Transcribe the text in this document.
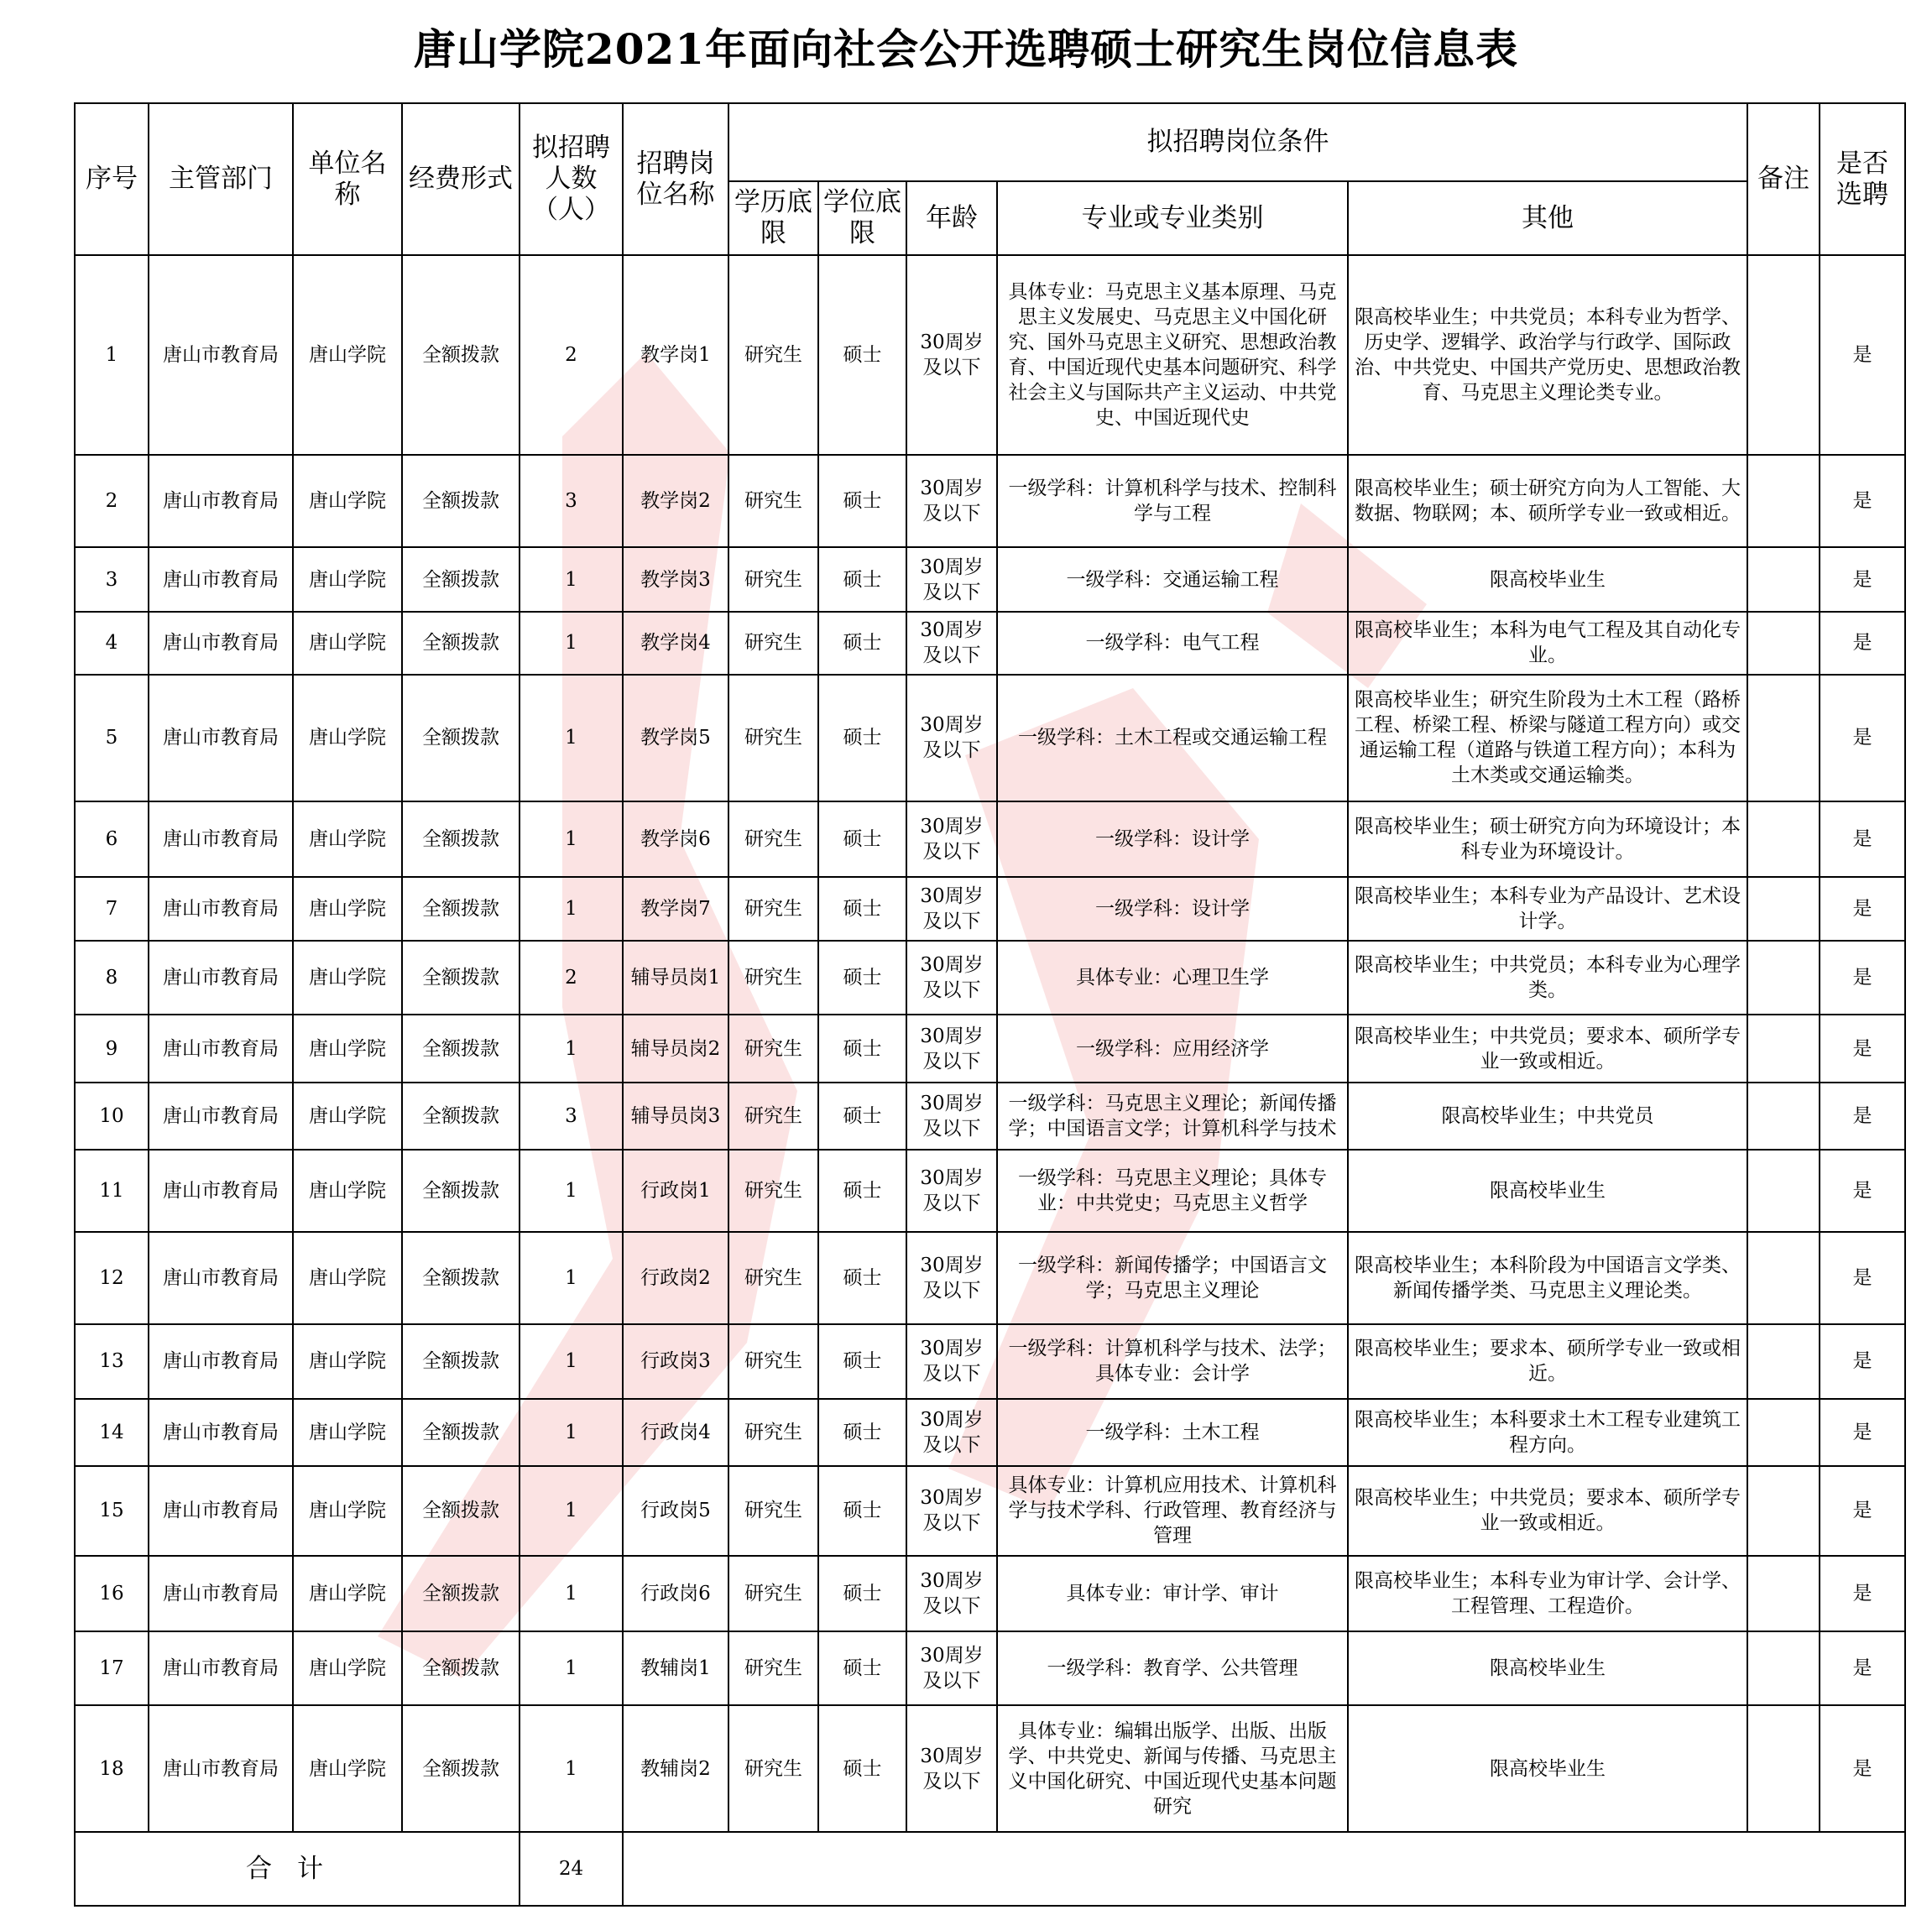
唐山学院2021年面向社会公开选聘硕士研究生岗位信息表
序号	主管部门	单位名称	经费形式	拟招聘人数（人）	招聘岗位名称	拟招聘岗位条件					备注	是否选聘
						学历底限	学位底限	年龄	专业或专业类别	其他		
1	唐山市教育局	唐山学院	全额拨款	2	教学岗1	研究生	硕士	30周岁及以下	具体专业：马克思主义基本原理、马克思主义发展史、马克思主义中国化研究、国外马克思主义研究、思想政治教育、中国近现代史基本问题研究、科学社会主义与国际共产主义运动、中共党史、中国近现代史	限高校毕业生；中共党员；本科专业为哲学、历史学、逻辑学、政治学与行政学、国际政治、中共党史、中国共产党历史、思想政治教育、马克思主义理论类专业。		是
2	唐山市教育局	唐山学院	全额拨款	3	教学岗2	研究生	硕士	30周岁及以下	一级学科：计算机科学与技术、控制科学与工程	限高校毕业生；硕士研究方向为人工智能、大数据、物联网；本、硕所学专业一致或相近。		是
3	唐山市教育局	唐山学院	全额拨款	1	教学岗3	研究生	硕士	30周岁及以下	一级学科：交通运输工程	限高校毕业生		是
4	唐山市教育局	唐山学院	全额拨款	1	教学岗4	研究生	硕士	30周岁及以下	一级学科：电气工程	限高校毕业生；本科为电气工程及其自动化专业。		是
5	唐山市教育局	唐山学院	全额拨款	1	教学岗5	研究生	硕士	30周岁及以下	一级学科：土木工程或交通运输工程	限高校毕业生；研究生阶段为土木工程（路桥工程、桥梁工程、桥梁与隧道工程方向）或交通运输工程（道路与铁道工程方向）；本科为土木类或交通运输类。		是
6	唐山市教育局	唐山学院	全额拨款	1	教学岗6	研究生	硕士	30周岁及以下	一级学科：设计学	限高校毕业生；硕士研究方向为环境设计；本科专业为环境设计。		是
7	唐山市教育局	唐山学院	全额拨款	1	教学岗7	研究生	硕士	30周岁及以下	一级学科：设计学	限高校毕业生；本科专业为产品设计、艺术设计学。		是
8	唐山市教育局	唐山学院	全额拨款	2	辅导员岗1	研究生	硕士	30周岁及以下	具体专业：心理卫生学	限高校毕业生；中共党员；本科专业为心理学类。		是
9	唐山市教育局	唐山学院	全额拨款	1	辅导员岗2	研究生	硕士	30周岁及以下	一级学科：应用经济学	限高校毕业生；中共党员；要求本、硕所学专业一致或相近。		是
10	唐山市教育局	唐山学院	全额拨款	3	辅导员岗3	研究生	硕士	30周岁及以下	一级学科：马克思主义理论；新闻传播学；中国语言文学；计算机科学与技术	限高校毕业生；中共党员		是
11	唐山市教育局	唐山学院	全额拨款	1	行政岗1	研究生	硕士	30周岁及以下	一级学科：马克思主义理论；具体专业：中共党史；马克思主义哲学	限高校毕业生		是
12	唐山市教育局	唐山学院	全额拨款	1	行政岗2	研究生	硕士	30周岁及以下	一级学科：新闻传播学；中国语言文学；马克思主义理论	限高校毕业生；本科阶段为中国语言文学类、新闻传播学类、马克思主义理论类。		是
13	唐山市教育局	唐山学院	全额拨款	1	行政岗3	研究生	硕士	30周岁及以下	一级学科：计算机科学与技术、法学；具体专业：会计学	限高校毕业生；要求本、硕所学专业一致或相近。		是
14	唐山市教育局	唐山学院	全额拨款	1	行政岗4	研究生	硕士	30周岁及以下	一级学科：土木工程	限高校毕业生；本科要求土木工程专业建筑工程方向。		是
15	唐山市教育局	唐山学院	全额拨款	1	行政岗5	研究生	硕士	30周岁及以下	具体专业：计算机应用技术、计算机科学与技术学科、行政管理、教育经济与管理	限高校毕业生；中共党员；要求本、硕所学专业一致或相近。		是
16	唐山市教育局	唐山学院	全额拨款	1	行政岗6	研究生	硕士	30周岁及以下	具体专业：审计学、审计	限高校毕业生；本科专业为审计学、会计学、工程管理、工程造价。		是
17	唐山市教育局	唐山学院	全额拨款	1	教辅岗1	研究生	硕士	30周岁及以下	一级学科：教育学、公共管理	限高校毕业生		是
18	唐山市教育局	唐山学院	全额拨款	1	教辅岗2	研究生	硕士	30周岁及以下	具体专业：编辑出版学、出版、出版学、中共党史、新闻与传播、马克思主义中国化研究、中国近现代史基本问题研究	限高校毕业生		是
合计				24								
